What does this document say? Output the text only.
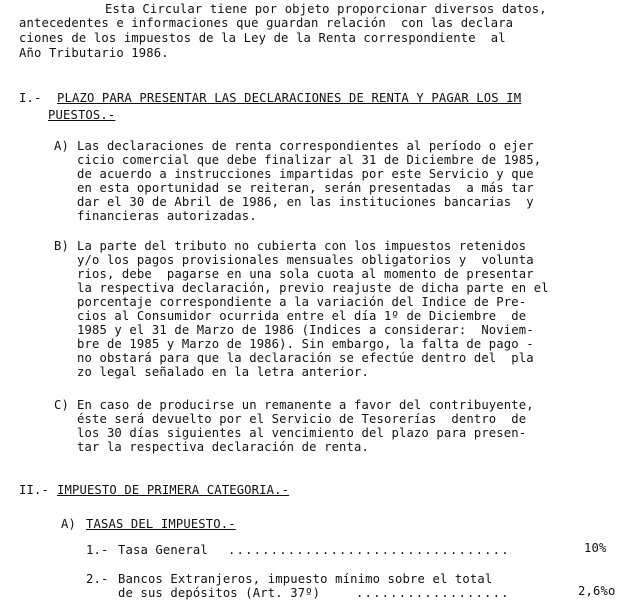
Esta Circular tiene por objeto proporcionar diversos datos,
antecedentes e informaciones que guardan relación  con las declara
ciones de los impuestos de la Ley de la Renta correspondiente  al
Año Tributario 1986.
I.- PLAZO PARA PRESENTAR LAS DECLARACIONES DE RENTA Y PAGAR LOS IM
PUESTOS.-
A) Las declaraciones de renta correspondientes al período o ejer
cicio comercial que debe finalizar al 31 de Diciembre de 1985,
de acuerdo a instrucciones impartidas por este Servicio y que
en esta oportunidad se reiteran, serán presentadas  a más tar
dar el 30 de Abril de 1986, en las instituciones bancarias  y
financieras autorizadas.
B) La parte del tributo no cubierta con los impuestos retenidos
y/o los pagos provisionales mensuales obligatorios y  volunta
rios, debe  pagarse en una sola cuota al momento de presentar
la respectiva declaración, previo reajuste de dicha parte en el
porcentaje correspondiente a la variación del Indice de Pre-
cios al Consumidor ocurrida entre el día 1º de Diciembre  de
1985 y el 31 de Marzo de 1986 (Indices a considerar:  Noviem-
bre de 1985 y Marzo de 1986). Sin embargo, la falta de pago -
no obstará para que la declaración se efectúe dentro del  pla
zo legal señalado en la letra anterior.
C) En caso de producirse un remanente a favor del contribuyente,
éste será devuelto por el Servicio de Tesorerías  dentro  de
los 30 días siguientes al vencimiento del plazo para presen-
tar la respectiva declaración de renta.
II.- IMPUESTO DE PRIMERA CATEGORIA.-
A) TASAS DEL IMPUESTO.-
1.- Tasa General .................................	10%
2.- Bancos Extranjeros, impuesto mínimo sobre el total
de sus depósitos (Art. 37º)	..................	2,6%o
